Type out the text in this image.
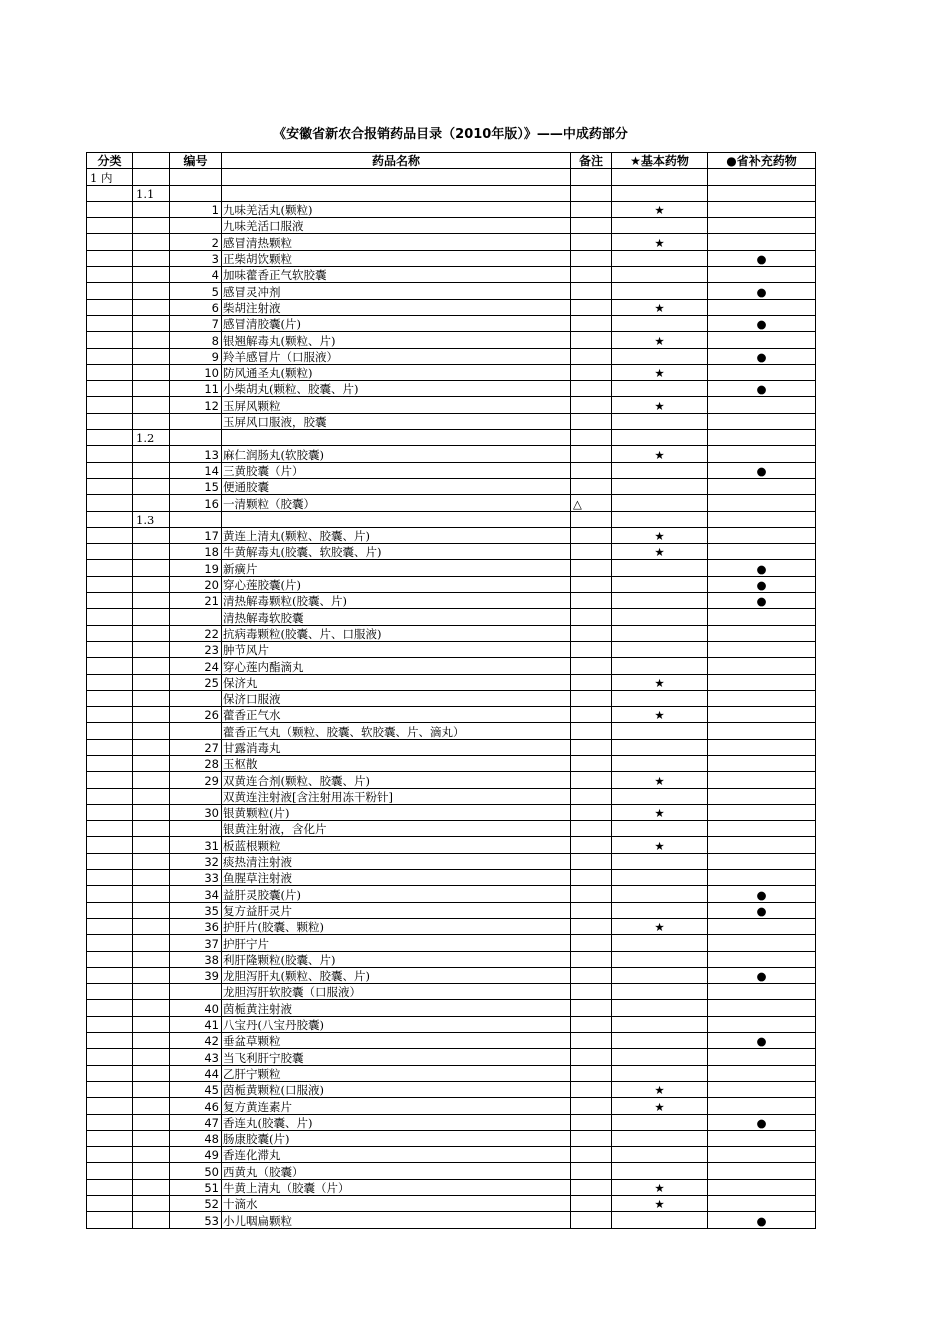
《安徽省新农合报销药品目录（2010年版）》——中成药部分
分类		编号	药品名称	备注	★基本药物	●省补充药物
1 内						
	1.1					
		1	九味羌活丸(颗粒)		★	
			九味羌活口服液			
		2	感冒清热颗粒		★	
		3	正柴胡饮颗粒			●
		4	加味藿香正气软胶囊			
		5	感冒灵冲剂			●
		6	柴胡注射液		★	
		7	感冒清胶囊(片)			●
		8	银翘解毒丸(颗粒、片)		★	
		9	羚羊感冒片（口服液）			●
		10	防风通圣丸(颗粒)		★	
		11	小柴胡丸(颗粒、胶囊、片)			●
		12	玉屏风颗粒		★	
			玉屏风口服液，胶囊			
	1.2					
		13	麻仁润肠丸(软胶囊)		★	
		14	三黄胶囊（片）			●
		15	便通胶囊			
		16	一清颗粒（胶囊）	△		
	1.3					
		17	黄连上清丸(颗粒、胶囊、片)		★	
		18	牛黄解毒丸(胶囊、软胶囊、片)		★	
		19	新癀片			●
		20	穿心莲胶囊(片)			●
		21	清热解毒颗粒(胶囊、片)			●
			清热解毒软胶囊			
		22	抗病毒颗粒(胶囊、片、口服液)			
		23	肿节风片			
		24	穿心莲内酯滴丸			
		25	保济丸		★	
			保济口服液			
		26	藿香正气水		★	
			藿香正气丸（颗粒、胶囊、软胶囊、片、滴丸）			
		27	甘露消毒丸			
		28	玉枢散			
		29	双黄连合剂(颗粒、胶囊、片)		★	
			双黄连注射液[含注射用冻干粉针]			
		30	银黄颗粒(片)		★	
			银黄注射液，含化片			
		31	板蓝根颗粒		★	
		32	痰热清注射液			
		33	鱼腥草注射液			
		34	益肝灵胶囊(片)			●
		35	复方益肝灵片			●
		36	护肝片(胶囊、颗粒)		★	
		37	护肝宁片			
		38	利肝隆颗粒(胶囊、片)			
		39	龙胆泻肝丸(颗粒、胶囊、片)			●
			龙胆泻肝软胶囊（口服液）			
		40	茵栀黄注射液			
		41	八宝丹(八宝丹胶囊)			
		42	垂盆草颗粒			●
		43	当飞利肝宁胶囊			
		44	乙肝宁颗粒			
		45	茵栀黄颗粒(口服液)		★	
		46	复方黄连素片		★	
		47	香连丸(胶囊、片)			●
		48	肠康胶囊(片)			
		49	香连化滞丸			
		50	西黄丸（胶囊）			
		51	牛黄上清丸（胶囊（片）		★	
		52	十滴水		★	
		53	小儿咽扁颗粒			●
